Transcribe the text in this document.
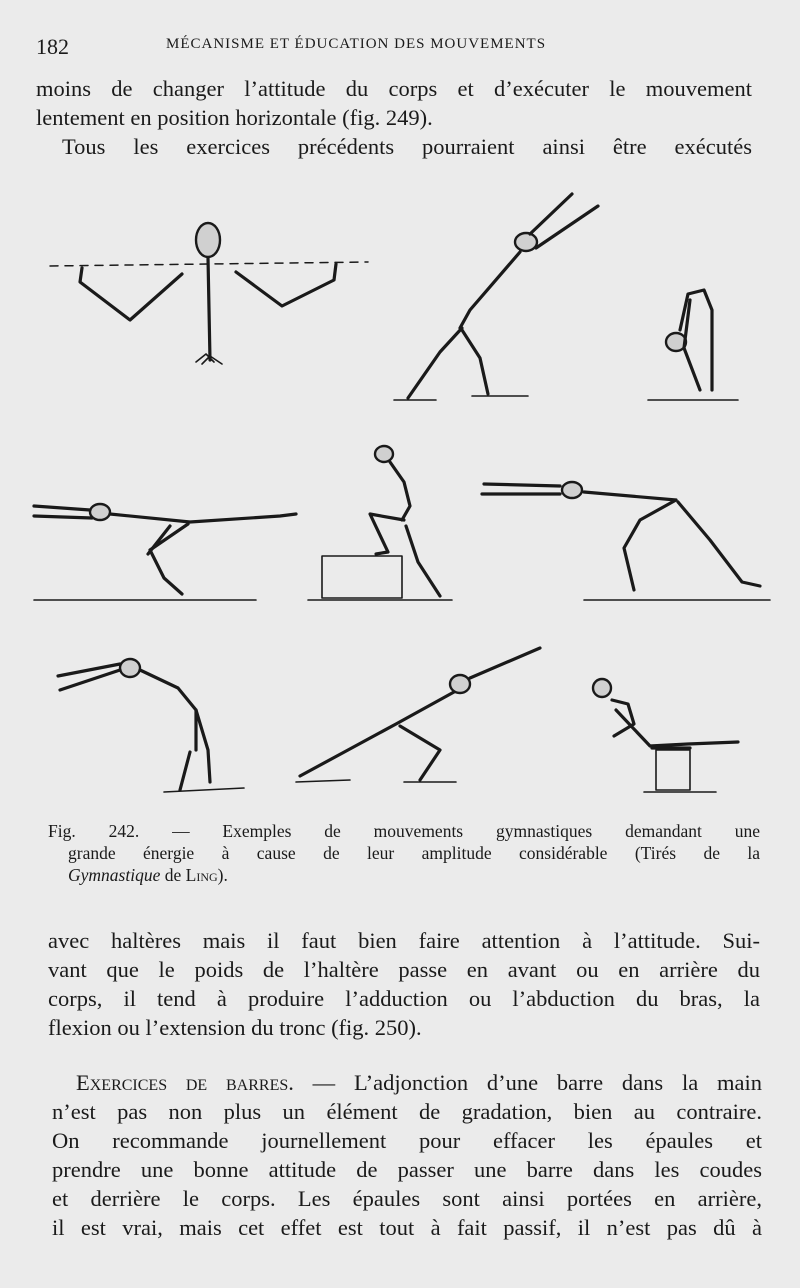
182	MÉCANISME ET ÉDUCATION DES MOUVEMENTS
moins de changer l’attitude du corps et d’exécuter le mouvement
lentement en position horizontale (fig. 249).
Tous les exercices précédents pourraient ainsi être exécutés
Fig. 242. — Exemples de mouvements gymnastiques demandant une
grande énergie à cause de leur amplitude considérable (Tirés de la
Gymnastique de Ling).
avec haltères mais il faut bien faire attention à l’attitude. Sui-
vant que le poids de l’haltère passe en avant ou en arrière du
corps, il tend à produire l’adduction ou l’abduction du bras, la
flexion ou l’extension du tronc (fig. 250).
Exercices de barres. — L’adjonction d’une barre dans la main
n’est pas non plus un élément de gradation, bien au contraire.
On recommande journellement pour effacer les épaules et
prendre une bonne attitude de passer une barre dans les coudes
et derrière le corps. Les épaules sont ainsi portées en arrière,
il est vrai, mais cet effet est tout à fait passif, il n’est pas dû à
